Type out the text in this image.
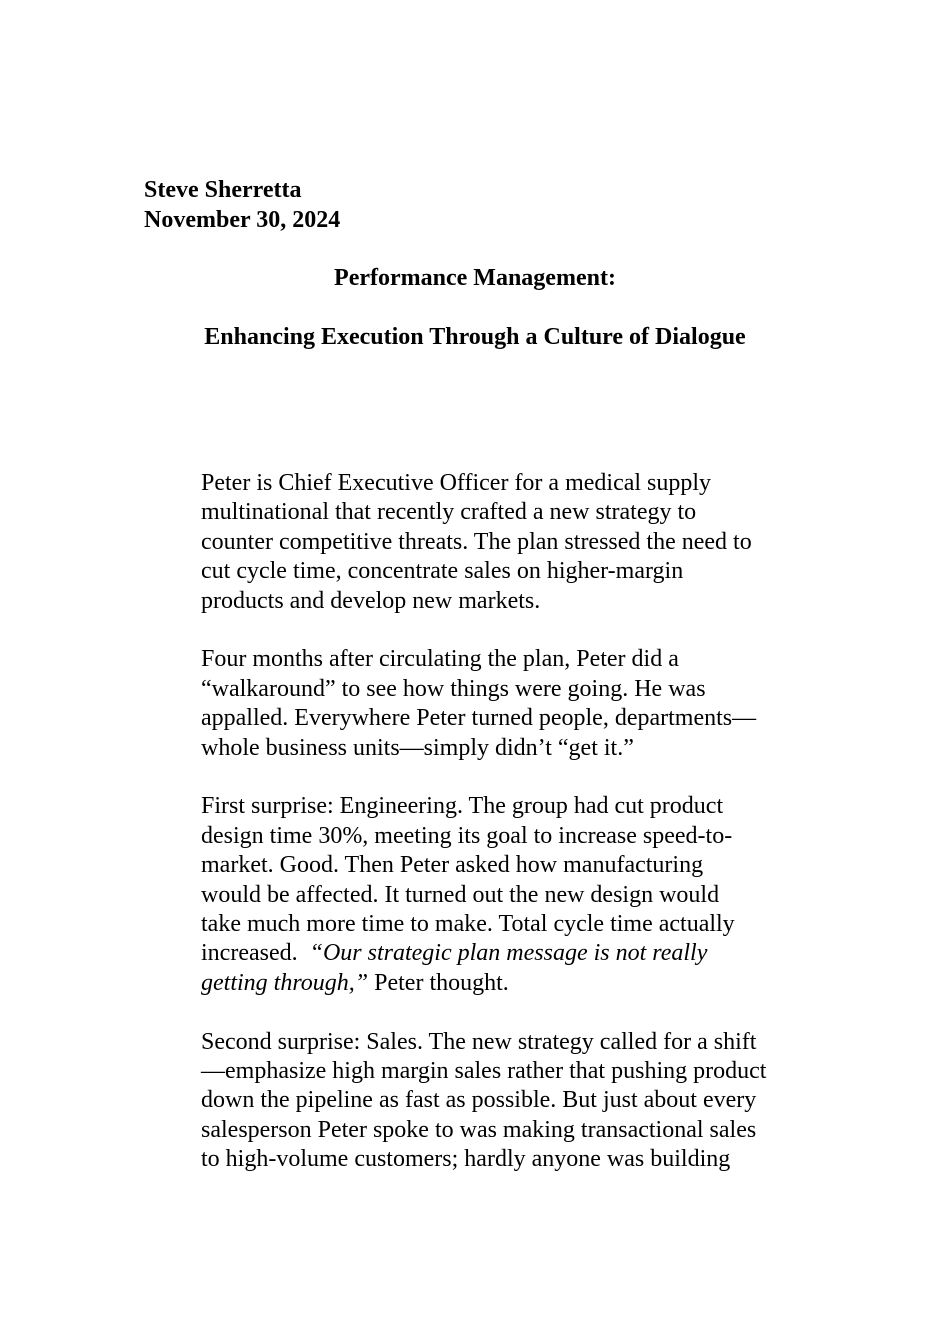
Steve Sherretta
November 30, 2024
Performance Management:
Enhancing Execution Through a Culture of Dialogue

Peter is Chief Executive Officer for a medical supply
multinational that recently crafted a new strategy to
counter competitive threats. The plan stressed the need to
cut cycle time, concentrate sales on higher-margin
products and develop new markets.

Four months after circulating the plan, Peter did a
“walkaround” to see how things were going. He was
appalled. Everywhere Peter turned people, departments—
whole business units—simply didn’t “get it.”

First surprise: Engineering. The group had cut product
design time 30%, meeting its goal to increase speed-to-
market. Good. Then Peter asked how manufacturing
would be affected. It turned out the new design would
take much more time to make. Total cycle time actually
increased.  “Our strategic plan message is not really
getting through,” Peter thought.

Second surprise: Sales. The new strategy called for a shift
—emphasize high margin sales rather that pushing product
down the pipeline as fast as possible. But just about every
salesperson Peter spoke to was making transactional sales
to high-volume customers; hardly anyone was building
